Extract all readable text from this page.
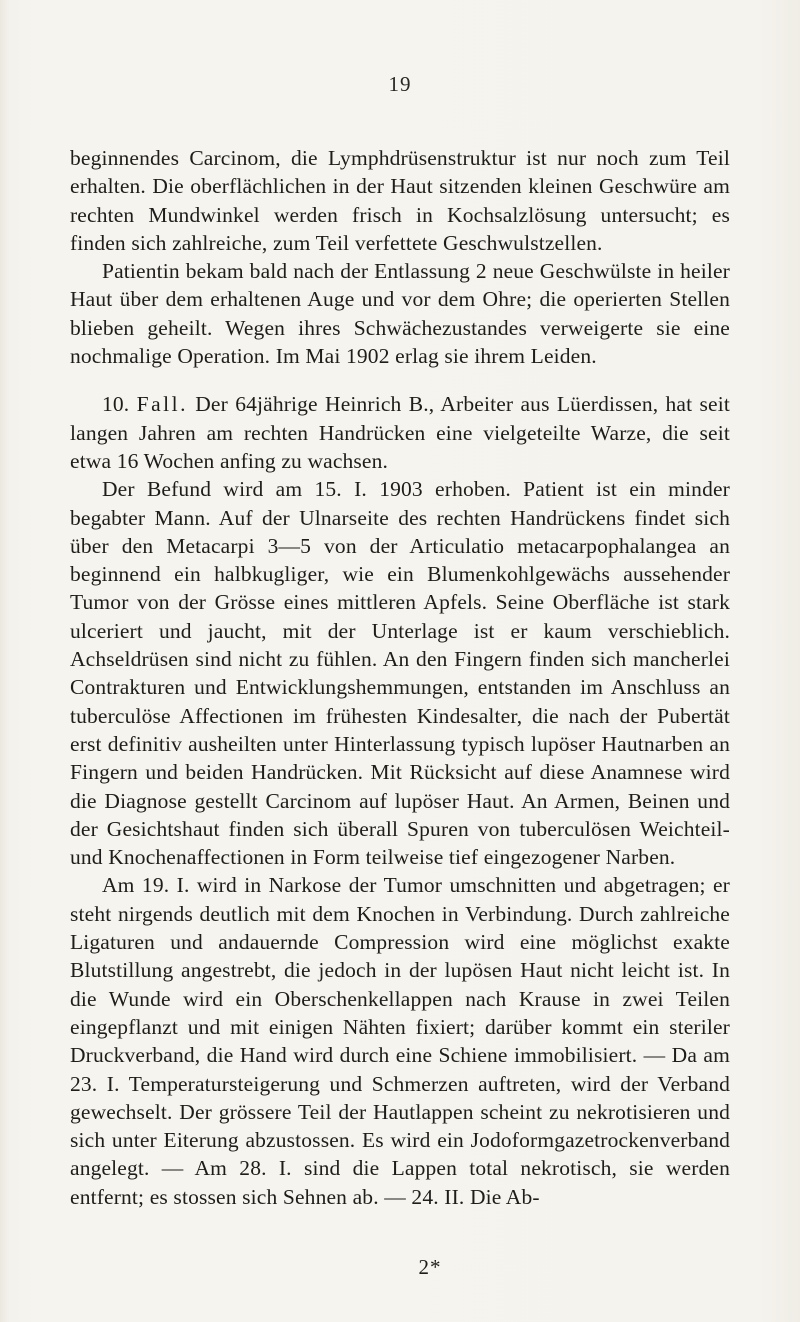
19

beginnendes Carcinom, die Lymphdrüsenstruktur ist nur noch zum Teil erhalten. Die oberflächlichen in der Haut sitzenden kleinen Geschwüre am rechten Mundwinkel werden frisch in Kochsalzlösung untersucht; es finden sich zahlreiche, zum Teil verfettete Geschwulstzellen.

Patientin bekam bald nach der Entlassung 2 neue Geschwülste in heiler Haut über dem erhaltenen Auge und vor dem Ohre; die operierten Stellen blieben geheilt. Wegen ihres Schwächezustandes verweigerte sie eine nochmalige Operation. Im Mai 1902 erlag sie ihrem Leiden.

10. Fall. Der 64jährige Heinrich B., Arbeiter aus Lüerdissen, hat seit langen Jahren am rechten Handrücken eine vielgeteilte Warze, die seit etwa 16 Wochen anfing zu wachsen.

Der Befund wird am 15. I. 1903 erhoben. Patient ist ein minder begabter Mann. Auf der Ulnarseite des rechten Handrückens findet sich über den Metacarpi 3—5 von der Articulatio metacarpophalangea an beginnend ein halbkugliger, wie ein Blumenkohlgewächs aussehender Tumor von der Grösse eines mittleren Apfels. Seine Oberfläche ist stark ulceriert und jaucht, mit der Unterlage ist er kaum verschieblich. Achseldrüsen sind nicht zu fühlen. An den Fingern finden sich mancherlei Contrakturen und Entwicklungshemmungen, entstanden im Anschluss an tuberculöse Affectionen im frühesten Kindesalter, die nach der Pubertät erst definitiv ausheilten unter Hinterlassung typisch lupöser Hautnarben an Fingern und beiden Handrücken. Mit Rücksicht auf diese Anamnese wird die Diagnose gestellt Carcinom auf lupöser Haut. An Armen, Beinen und der Gesichtshaut finden sich überall Spuren von tuberculösen Weichteil- und Knochenaffectionen in Form teilweise tief eingezogener Narben.

Am 19. I. wird in Narkose der Tumor umschnitten und abgetragen; er steht nirgends deutlich mit dem Knochen in Verbindung. Durch zahlreiche Ligaturen und andauernde Compression wird eine möglichst exakte Blutstillung angestrebt, die jedoch in der lupösen Haut nicht leicht ist. In die Wunde wird ein Oberschenkellappen nach Krause in zwei Teilen eingepflanzt und mit einigen Nähten fixiert; darüber kommt ein steriler Druckverband, die Hand wird durch eine Schiene immobilisiert. — Da am 23. I. Temperatursteigerung und Schmerzen auftreten, wird der Verband gewechselt. Der grössere Teil der Hautlappen scheint zu nekrotisieren und sich unter Eiterung abzustossen. Es wird ein Jodoformgazetrockenverband angelegt. — Am 28. I. sind die Lappen total nekrotisch, sie werden entfernt; es stossen sich Sehnen ab. — 24. II. Die Ab-

2*
